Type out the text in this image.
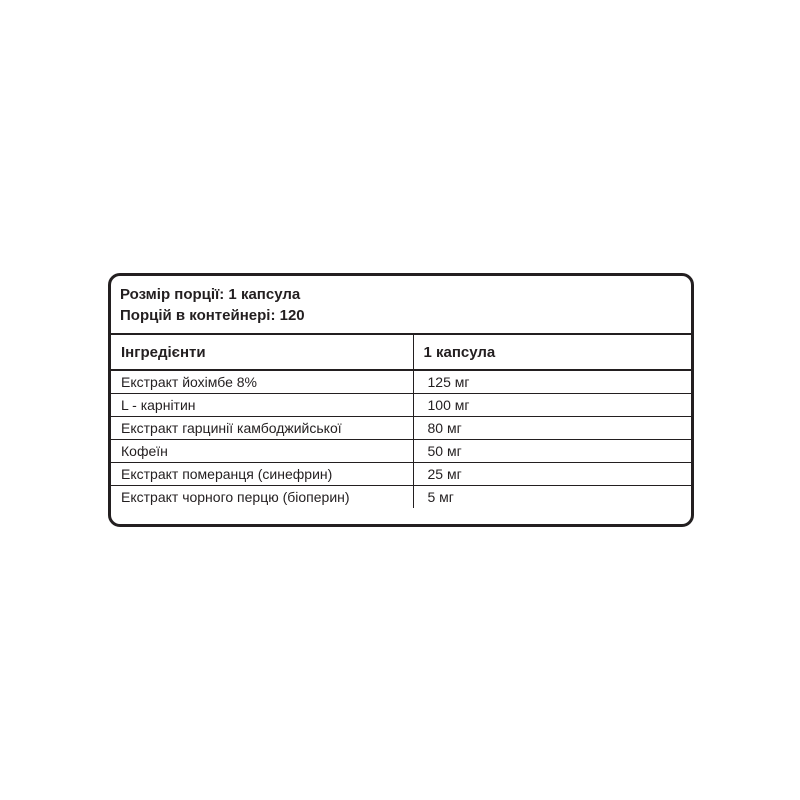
Розмір порції: 1 капсула
Порцій в контейнері: 120
Інгредієнти	1 капсула
Екстракт йохімбе 8%	125 мг
L - карнітин	100 мг
Екстракт гарцинії камбоджийської	80 мг
Кофеїн	50 мг
Екстракт померанця (синефрин)	25 мг
Екстракт чорного перцю (біоперин)	5 мг
